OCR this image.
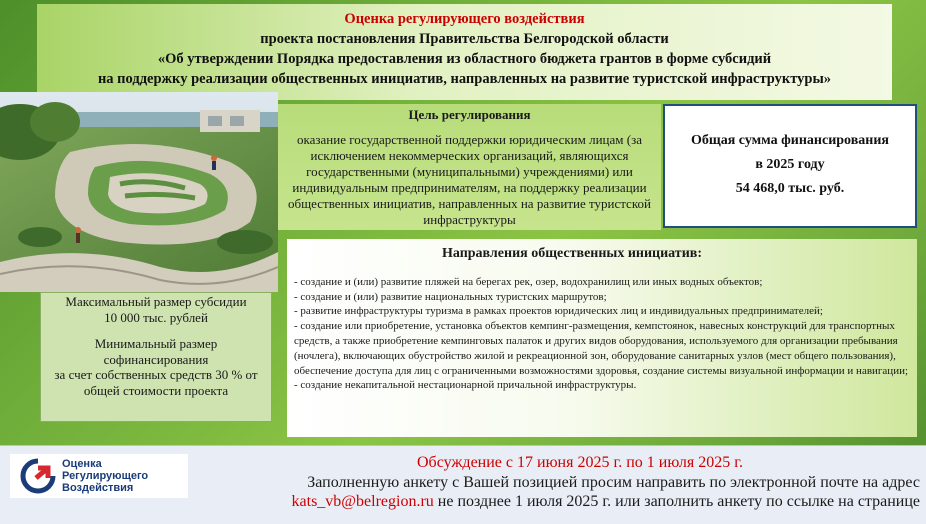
Оценка регулирующего воздействия
проекта постановления Правительства Белгородской области
«Об утверждении Порядка предоставления из областного бюджета грантов в форме субсидий
на поддержку реализации общественных инициатив, направленных на развитие туристской инфраструктуры»
Цель регулирования
оказание государственной поддержки юридическим лицам (за исключением некоммерческих организаций, являющихся государственными (муниципальными) учреждениями) или индивидуальным предпринимателям, на поддержку реализации общественных инициатив, направленных на развитие туристской инфраструктуры
Общая сумма финансирования
в 2025 году
54 468,0 тыс. руб.
Направления общественных инициатив:
- создание и (или) развитие пляжей на берегах рек, озер, водохранилищ или иных водных объектов;
- создание и (или) развитие национальных туристских маршрутов;
- развитие инфраструктуры туризма в рамках проектов юридических лиц и индивидуальных предпринимателей;
- создание или приобретение, установка объектов кемпинг-размещения, кемпстоянок, навесных конструкций для транспортных средств, а также приобретение кемпинговых палаток и других видов оборудования, используемого для организации пребывания (ночлега), включающих обустройство жилой и рекреационной зон, оборудование санитарных узлов (мест общего пользования), обеспечение доступа для лиц с ограниченными возможностями здоровья, создание системы визуальной информации и навигации;
- создание некапитальной нестационарной причальной инфраструктуры.
Максимальный размер субсидии
10 000 тыс. рублей
Минимальный размер софинансирования
за счет собственных средств 30 % от общей стоимости проекта
Оценка
Регулирующего
Воздействия
Обсуждение с 17 июня 2025 г. по 1 июля 2025 г.
Заполненную анкету с Вашей позицией просим направить по электронной почте на адрес
kats_vb@belregion.ru не позднее 1 июля 2025 г. или заполнить анкету по ссылке на странице
